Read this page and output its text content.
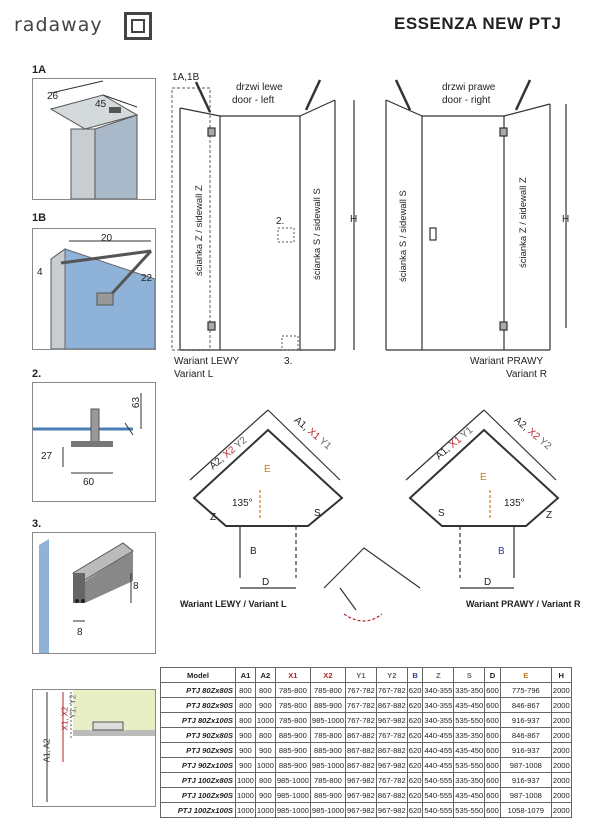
radaway	ESSENZA NEW PTJ
1A
26
45
1B
20
4
22
2.
63
27
60
3.
8
8
1A,1B
2.
3.
drzwi lewe
door - left
drzwi prawe
door - right
ścianka Z / sidewall Z	ścianka S / sidewall S	ścianka S / sidewall S	ścianka Z / sidewall Z
H	H
Wariant LEWY
Variant L
Wariant PRAWY
Variant R
A2, X2 Y2
A1, X1 Y1
E
135°
Z	S
B
D
Wariant LEWY / Variant L
A1, X1 Y1
A2, X2 Y2
E
135°
S	Z
B
D
Wariant PRAWY / Variant R
A1, A2
X1, X2
Y1, Y2
Model	A1	A2	X1	X2	Y1	Y2	B	Z	S	D	E	H
PTJ 80Zx80S	800	800	785-800	785-800	767-782	767-782	620	340-355	335-350	600	775-796	2000
PTJ 80Zx90S	800	900	785-800	885-900	767-782	867-882	620	340-355	435-450	600	846-867	2000
PTJ 80Zx100S	800	1000	785-800	985-1000	767-782	967-982	620	340-355	535-550	600	916-937	2000
PTJ 90Zx80S	900	800	885-900	785-800	867-882	767-782	620	440-455	335-350	600	846-867	2000
PTJ 90Zx90S	900	900	885-900	885-900	867-882	867-882	620	440-455	435-450	600	916-937	2000
PTJ 90Zx100S	900	1000	885-900	985-1000	867-882	967-982	620	440-455	535-550	600	987-1008	2000
PTJ 100Zx80S	1000	800	985-1000	785-800	967-982	767-782	620	540-555	335-350	600	916-937	2000
PTJ 100Zx90S	1000	900	985-1000	885-900	967-982	867-882	620	540-555	435-450	600	987-1008	2000
PTJ 100Zx100S	1000	1000	985-1000	985-1000	967-982	967-982	620	540-555	535-550	600	1058-1079	2000
